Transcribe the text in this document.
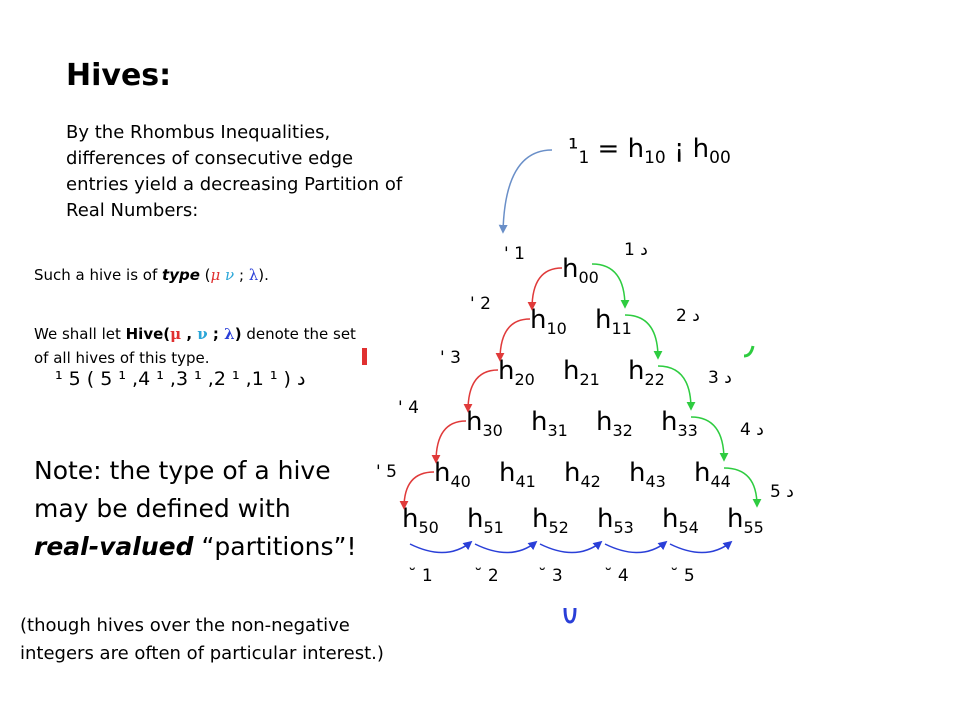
Hives:
By the Rhombus Inequalities, differences of consecutive edge entries yield a decreasing Partition of Real Numbers:
Such a hive is of type (μ ν ; λ).
We shall let Hive(μ , ν ; λ) denote the set of all hives of this type.
¹ د ( ¹ 1, ¹ 2, ¹ 3, ¹ 4, ¹ 5 ) 5
Note: the type of a hive
may be defined with
real-valued “partitions”!
(though hives over the non-negative
integers are often of particular interest.)
$^1_1 = h_{10}$ ¡ $h_{00}$
$h_{00}$
$h_{10}$ $h_{11}$
$h_{20}$ $h_{21}$ $h_{22}$
$h_{30}$ $h_{31}$ $h_{32}$ $h_{33}$
$h_{40}$ $h_{41}$ $h_{42}$ $h_{43}$ $h_{44}$
$h_{50}$ $h_{51}$ $h_{52}$ $h_{53}$ $h_{54}$ $h_{55}$
' 1
' 2
' 3
' 4
' 5
د 1
د 2
د 3
د 4
د 5
˘ 1 ˘ 2 ˘ 3 ˘ 4 ˘ 5
